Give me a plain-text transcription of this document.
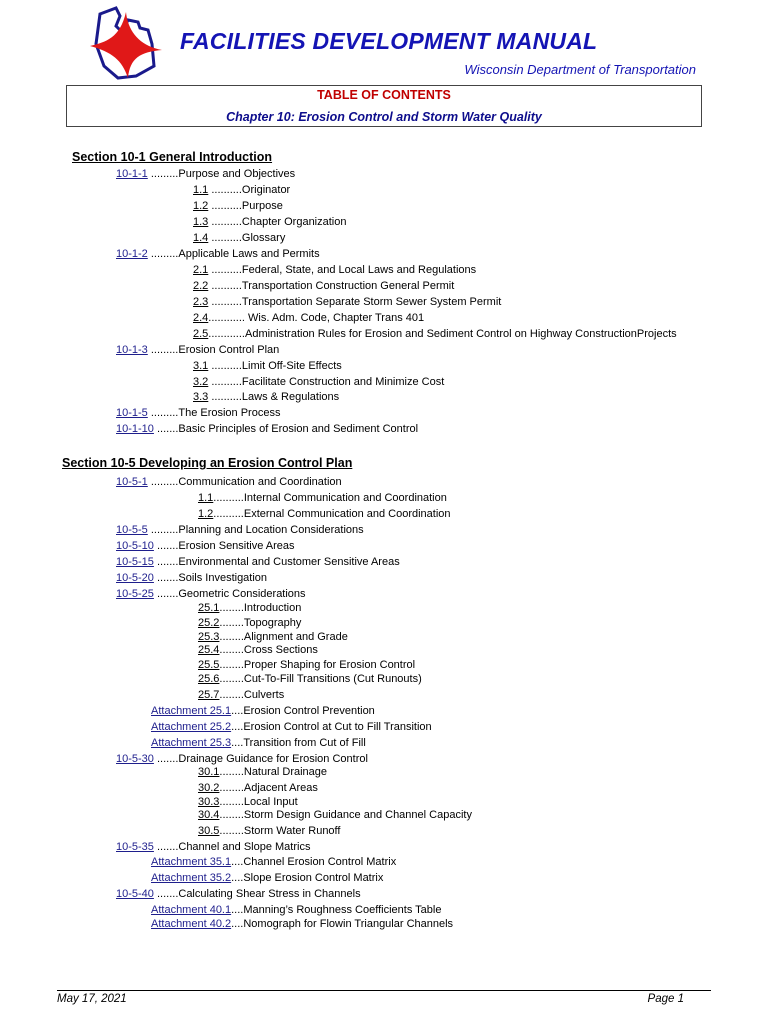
FACILITIES DEVELOPMENT MANUAL
Wisconsin Department of Transportation
TABLE OF CONTENTS
Chapter 10: Erosion Control and Storm Water Quality
Section 10-1 General Introduction
Section 10-5 Developing an Erosion Control Plan
10-1-1 .........Purpose and Objectives
1.1 ..........Originator
1.2 ..........Purpose
1.3 ..........Chapter Organization
1.4 ..........Glossary
10-1-2 .........Applicable Laws and Permits
2.1 ..........Federal, State, and Local Laws and Regulations
2.2 ..........Transportation Construction General Permit
2.3 ..........Transportation Separate Storm Sewer System Permit
2.4............ Wis. Adm. Code, Chapter Trans 401
2.5............Administration Rules for Erosion and Sediment Control on Highway ConstructionProjects
10-1-3 .........Erosion Control Plan
3.1 ..........Limit Off-Site Effects
3.2 ..........Facilitate Construction and Minimize Cost
3.3 ..........Laws & Regulations
10-1-5 .........The Erosion Process
10-1-10 .......Basic Principles of Erosion and Sediment Control
10-5-1 .........Communication and Coordination
1.1..........Internal Communication and Coordination
1.2..........External Communication and Coordination
10-5-5 .........Planning and Location Considerations
10-5-10 .......Erosion Sensitive Areas
10-5-15 .......Environmental and Customer Sensitive Areas
10-5-20 .......Soils Investigation
10-5-25 .......Geometric Considerations
25.1........Introduction
25.2........Topography
25.3........Alignment and Grade
25.4........Cross Sections
25.5........Proper Shaping for Erosion Control
25.6........Cut-To-Fill Transitions (Cut Runouts)
25.7........Culverts
Attachment 25.1....Erosion Control Prevention
Attachment 25.2....Erosion Control at Cut to Fill Transition
Attachment 25.3....Transition from Cut of Fill
10-5-30 .......Drainage Guidance for Erosion Control
30.1........Natural Drainage
30.2........Adjacent Areas
30.3........Local Input
30.4........Storm Design Guidance and Channel Capacity
30.5........Storm Water Runoff
10-5-35 .......Channel and Slope Matrics
Attachment 35.1....Channel Erosion Control Matrix
Attachment 35.2....Slope Erosion Control Matrix
10-5-40 .......Calculating Shear Stress in Channels
Attachment 40.1....Manning’s Roughness Coefficients Table
Attachment 40.2....Nomograph for Flowin Triangular Channels
May 17, 2021	Page 1
